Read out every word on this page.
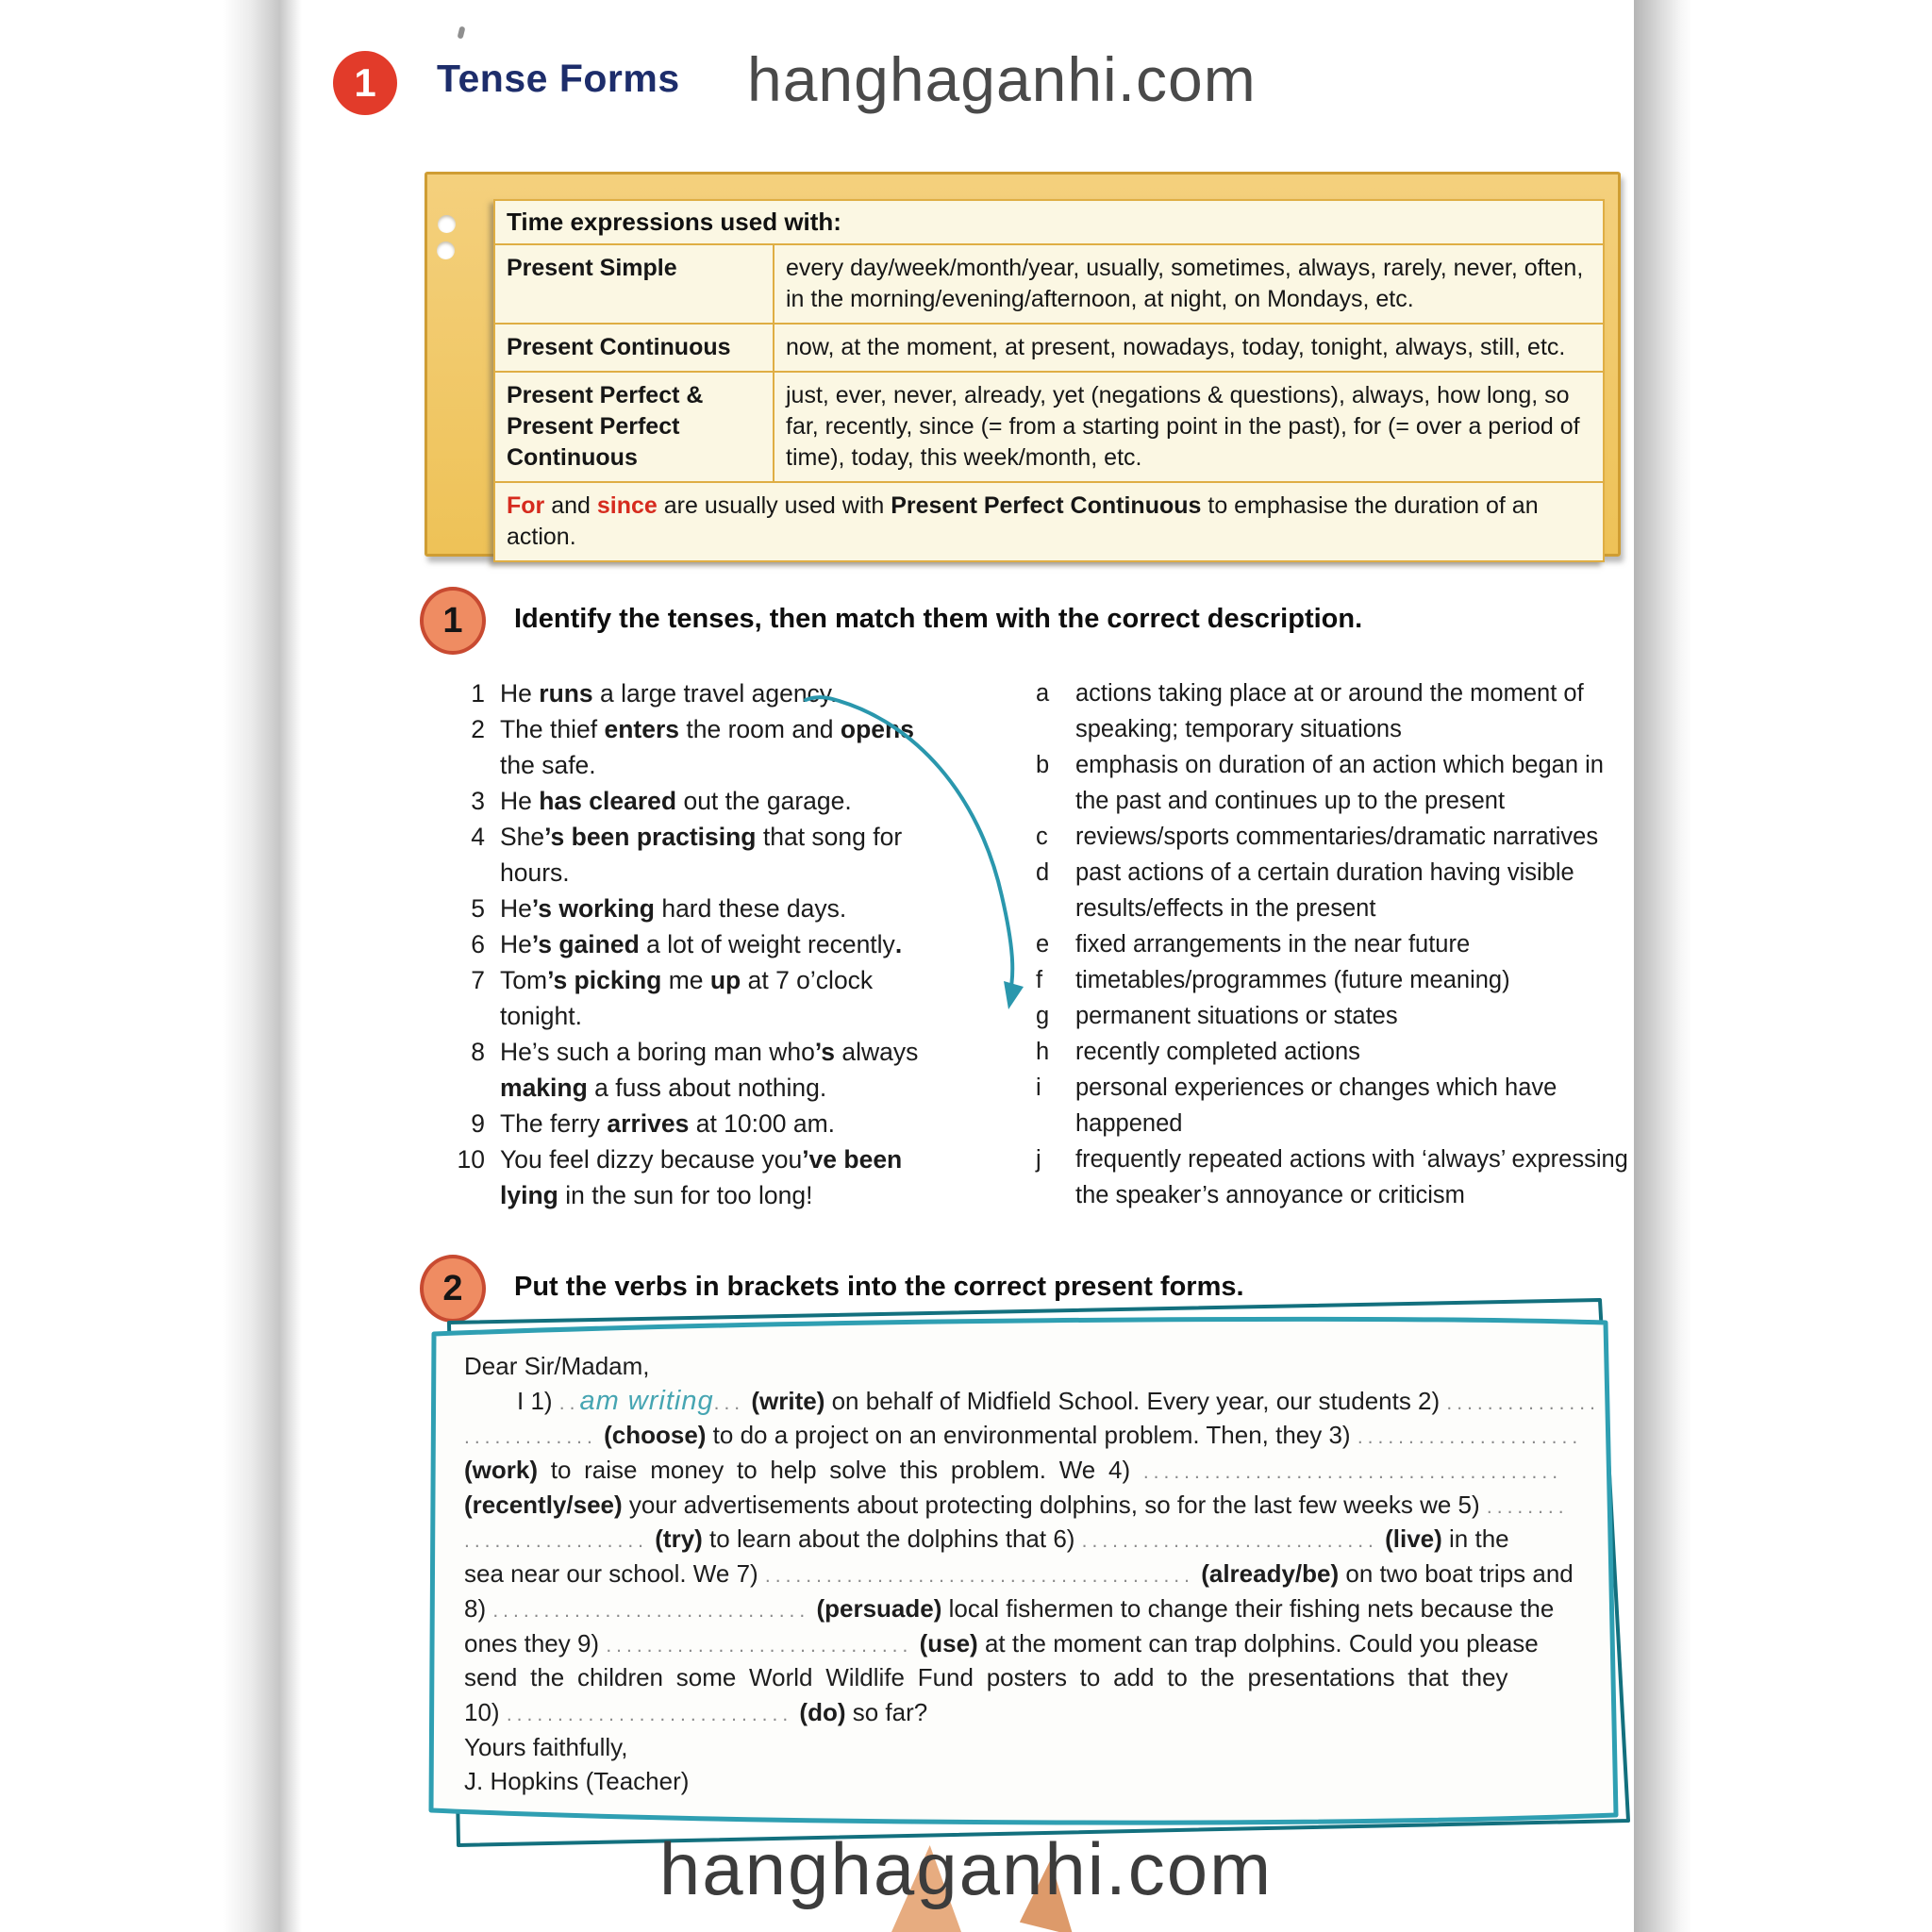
hanghaganhi.com
1 Tense Forms
Time expressions used with:	
Present Simple	every day/week/month/year, usually, sometimes, always, rarely, never, often, in the morning/evening/afternoon, at night, on Mondays, etc.
Present Continuous	now, at the moment, at present, nowadays, today, tonight, always, still, etc.
Present Perfect & Present Perfect Continuous	just, ever, never, already, yet (negations & questions), always, how long, so far, recently, since (= from a starting point in the past), for (= over a period of time), today, this week/month, etc.
For and since are usually used with Present Perfect Continuous to emphasise the duration of an action.	
1 Identify the tenses, then match them with the correct description.
1 He runs a large travel agency.
2 The thief enters the room and opens the safe.
3 He has cleared out the garage.
4 She’s been practising that song for hours.
5 He’s working hard these days.
6 He’s gained a lot of weight recently.
7 Tom’s picking me up at 7 o’clock tonight.
8 He’s such a boring man who’s always making a fuss about nothing.
9 The ferry arrives at 10:00 am.
10 You feel dizzy because you’ve been lying in the sun for too long!
a	actions taking place at or around the moment of speaking; temporary situations
b	emphasis on duration of an action which began in the past and continues up to the present
c	reviews/sports commentaries/dramatic narratives
d	past actions of a certain duration having visible results/effects in the present
e	fixed arrangements in the near future
f	timetables/programmes (future meaning)
g	permanent situations or states
h	recently completed actions
i	personal experiences or changes which have happened
j	frequently repeated actions with ‘always’ expressing the speaker’s annoyance or criticism
2 Put the verbs in brackets into the correct present forms.
Dear Sir/Madam,
I 1) ..am writing... (write) on behalf of Midfield School. Every year, our students 2) ...............
............. (choose) to do a project on an environmental problem. Then, they 3) ......................
(work) to raise money to help solve this problem. We 4) .........................................
(recently/see) your advertisements about protecting dolphins, so for the last few weeks we 5) ........
.................. (try) to learn about the dolphins that 6) ............................. (live) in the
sea near our school. We 7) .......................................... (already/be) on two boat trips and
8) ............................... (persuade) local fishermen to change their fishing nets because the
ones they 9) .............................. (use) at the moment can trap dolphins. Could you please
send the children some World Wildlife Fund posters to add to the presentations that they
10) ............................ (do) so far?
Yours faithfully,
J. Hopkins (Teacher)
hanghaganhi.com
